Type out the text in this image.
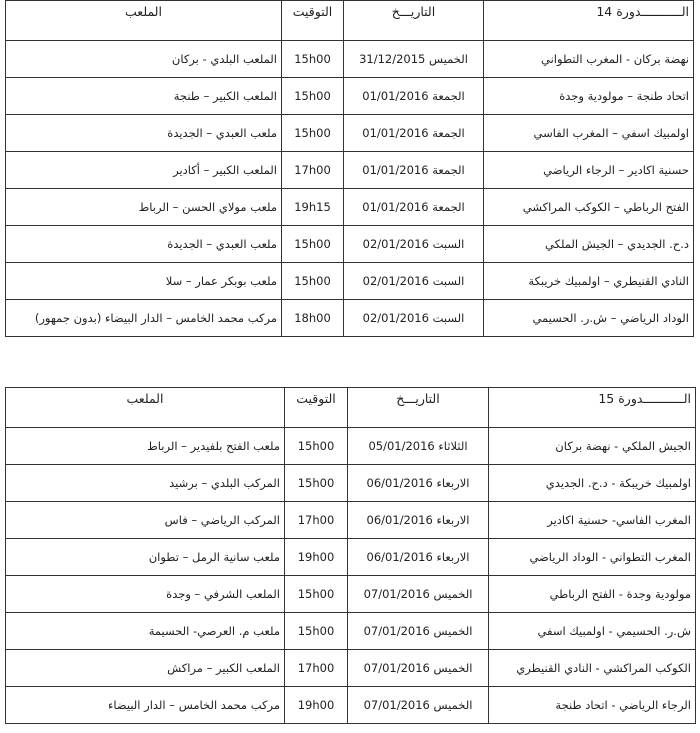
الـــــــــــدورة 14	التاريـــخ	التوقيت	الملعب
نهضة بركان - المغرب التطواني	الخميس 31/12/2015	15h00	الملعب البلدي - بركان
اتحاد طنجة – مولودية وجدة	الجمعة 01/01/2016	15h00	الملعب الكبير – طنجة
اولمبيك اسفي – المغرب الفاسي	الجمعة 01/01/2016	15h00	ملعب العبدي – الجديدة
حسنية اكادير – الرجاء الرياضي	الجمعة 01/01/2016	17h00	الملعب الكبير – أكادير
الفتح الرباطي – الكوكب المراكشي	الجمعة 01/01/2016	19h15	ملعب مولاي الحسن – الرباط
د.ح. الجديدي – الجيش الملكي	السبت 02/01/2016	15h00	ملعب العبدي – الجديدة
النادي القنيطري – اولمبيك خريبكة	السبت 02/01/2016	15h00	ملعب بوبكر عمار – سلا
الوداد الرياضي – ش.ر. الحسيمي	السبت 02/01/2016	18h00	مركب محمد الخامس – الدار البيضاء (بدون جمهور)
الـــــــــــدورة 15	التاريـــخ	التوقيت	الملعب
الجيش الملكي - نهضة بركان	الثلاثاء 05/01/2016	15h00	ملعب الفتح بلفيدير – الرباط
اولمبيك خريبكة - د.ح. الجديدي	الاربعاء 06/01/2016	15h00	المركب البلدي – برشيد
المغرب الفاسي- حسنية اكادير	الاربعاء 06/01/2016	17h00	المركب الرياضي – فاس
المغرب التطواني - الوداد الرياضي	الاربعاء 06/01/2016	19h00	ملعب سانية الرمل – تطوان
مولودية وجدة - الفتح الرباطي	الخميس 07/01/2016	15h00	الملعب الشرفي – وجدة
ش.ر. الحسيمي - اولمبيك اسفي	الخميس 07/01/2016	15h00	ملعب م. العرصي- الحسيمة
الكوكب المراكشي - النادي القنيطري	الخميس 07/01/2016	17h00	الملعب الكبير – مراكش
الرجاء الرياضي - اتحاد طنجة	الخميس 07/01/2016	19h00	مركب محمد الخامس – الدار البيضاء
